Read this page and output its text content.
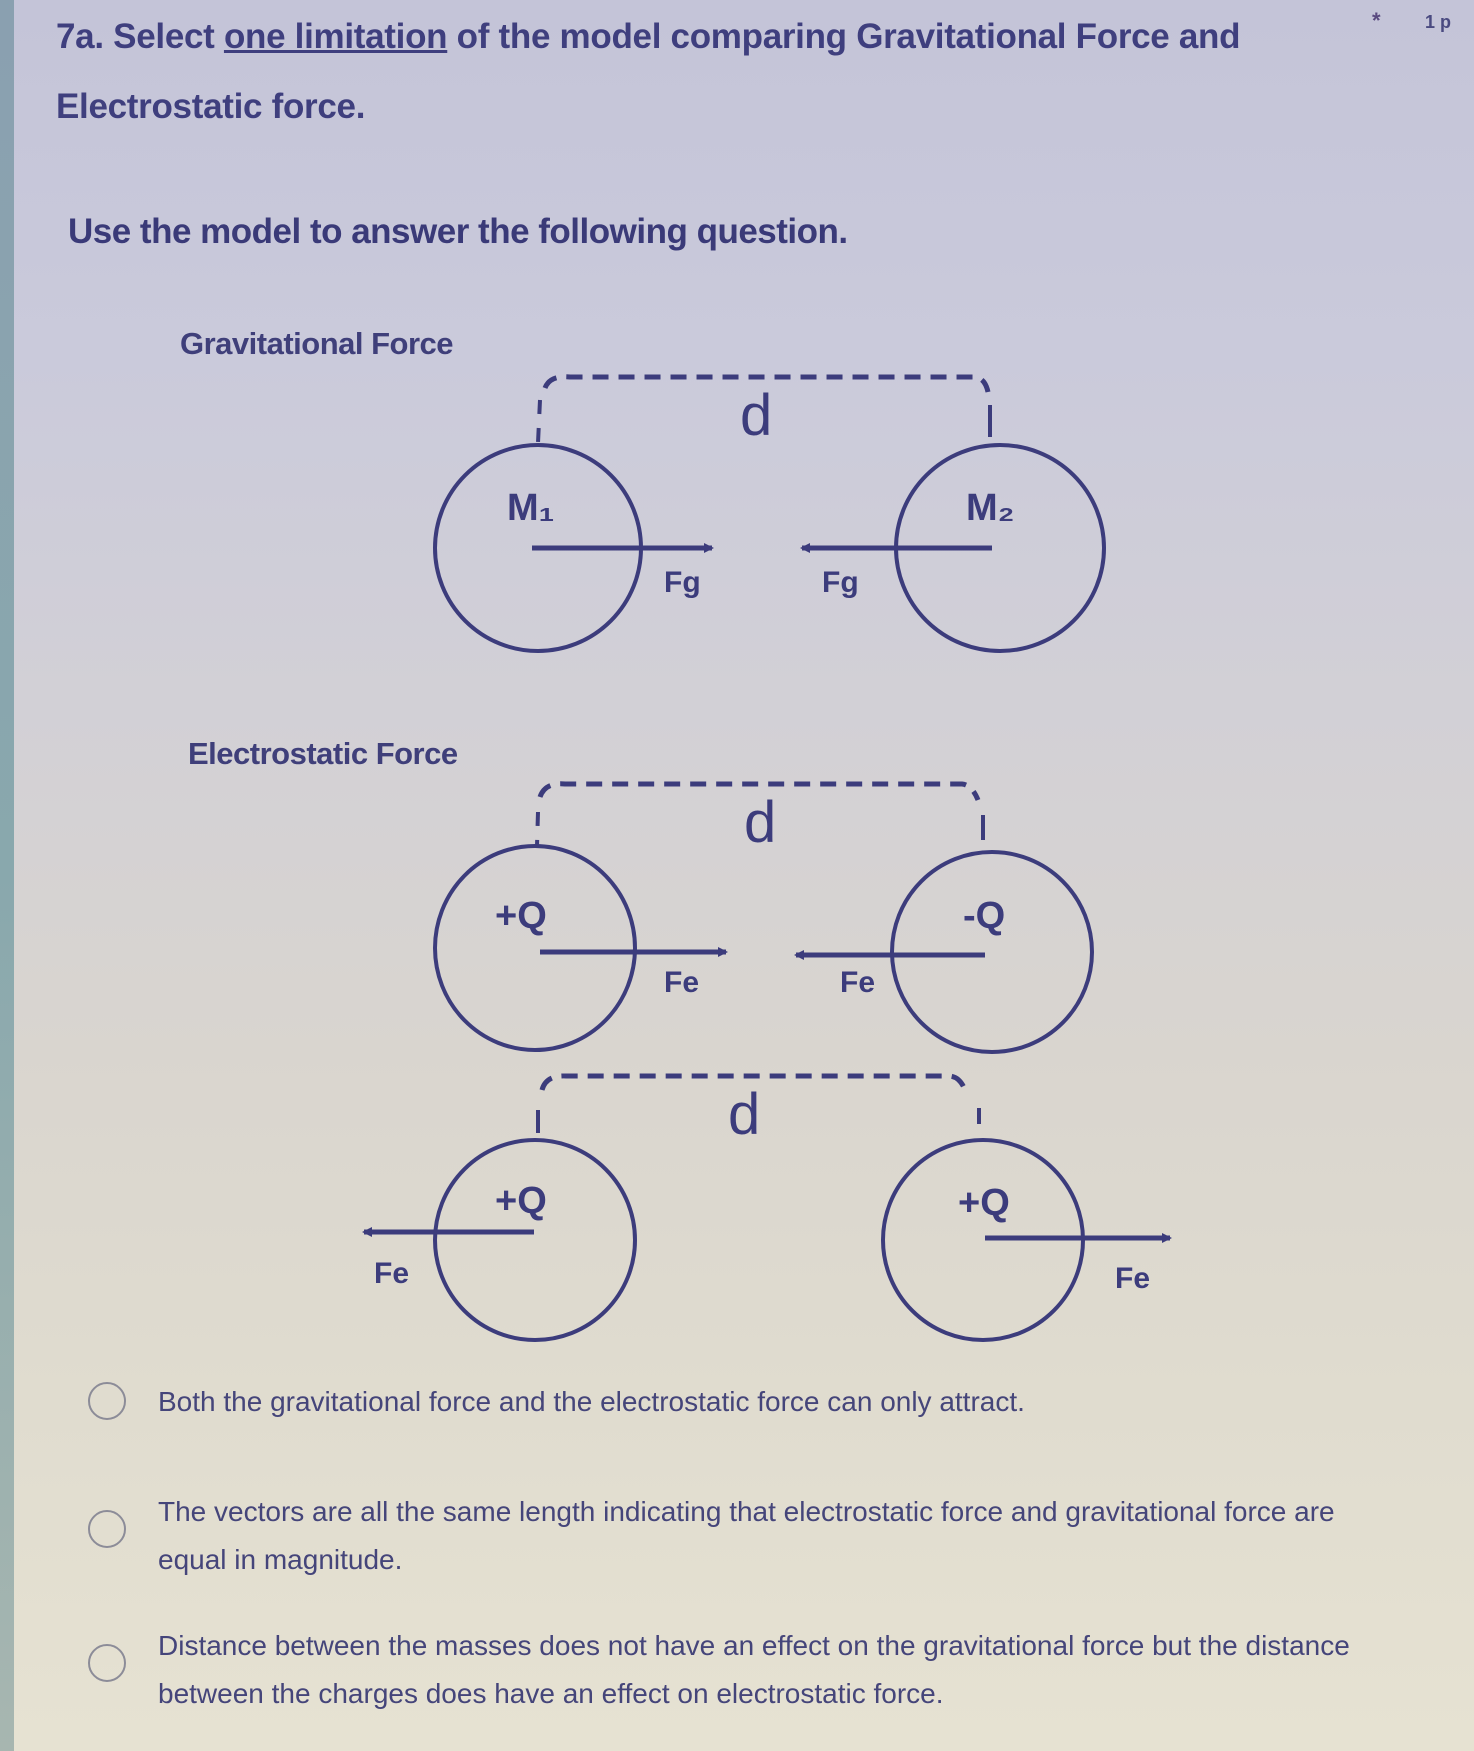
7a. Select one limitation of the model comparing Gravitational Force and Electrostatic force.
* 1 p
Use the model to answer the following question.
Gravitational Force
Electrostatic Force
d
M₁	M₂
Fg	Fg
d
+Q	-Q
Fe	Fe
d
+Q	+Q
Fe	Fe
Both the gravitational force and the electrostatic force can only attract.
The vectors are all the same length indicating that electrostatic force and gravitational force are equal in magnitude.
Distance between the masses does not have an effect on the gravitational force but the distance between the charges does have an effect on electrostatic force.
